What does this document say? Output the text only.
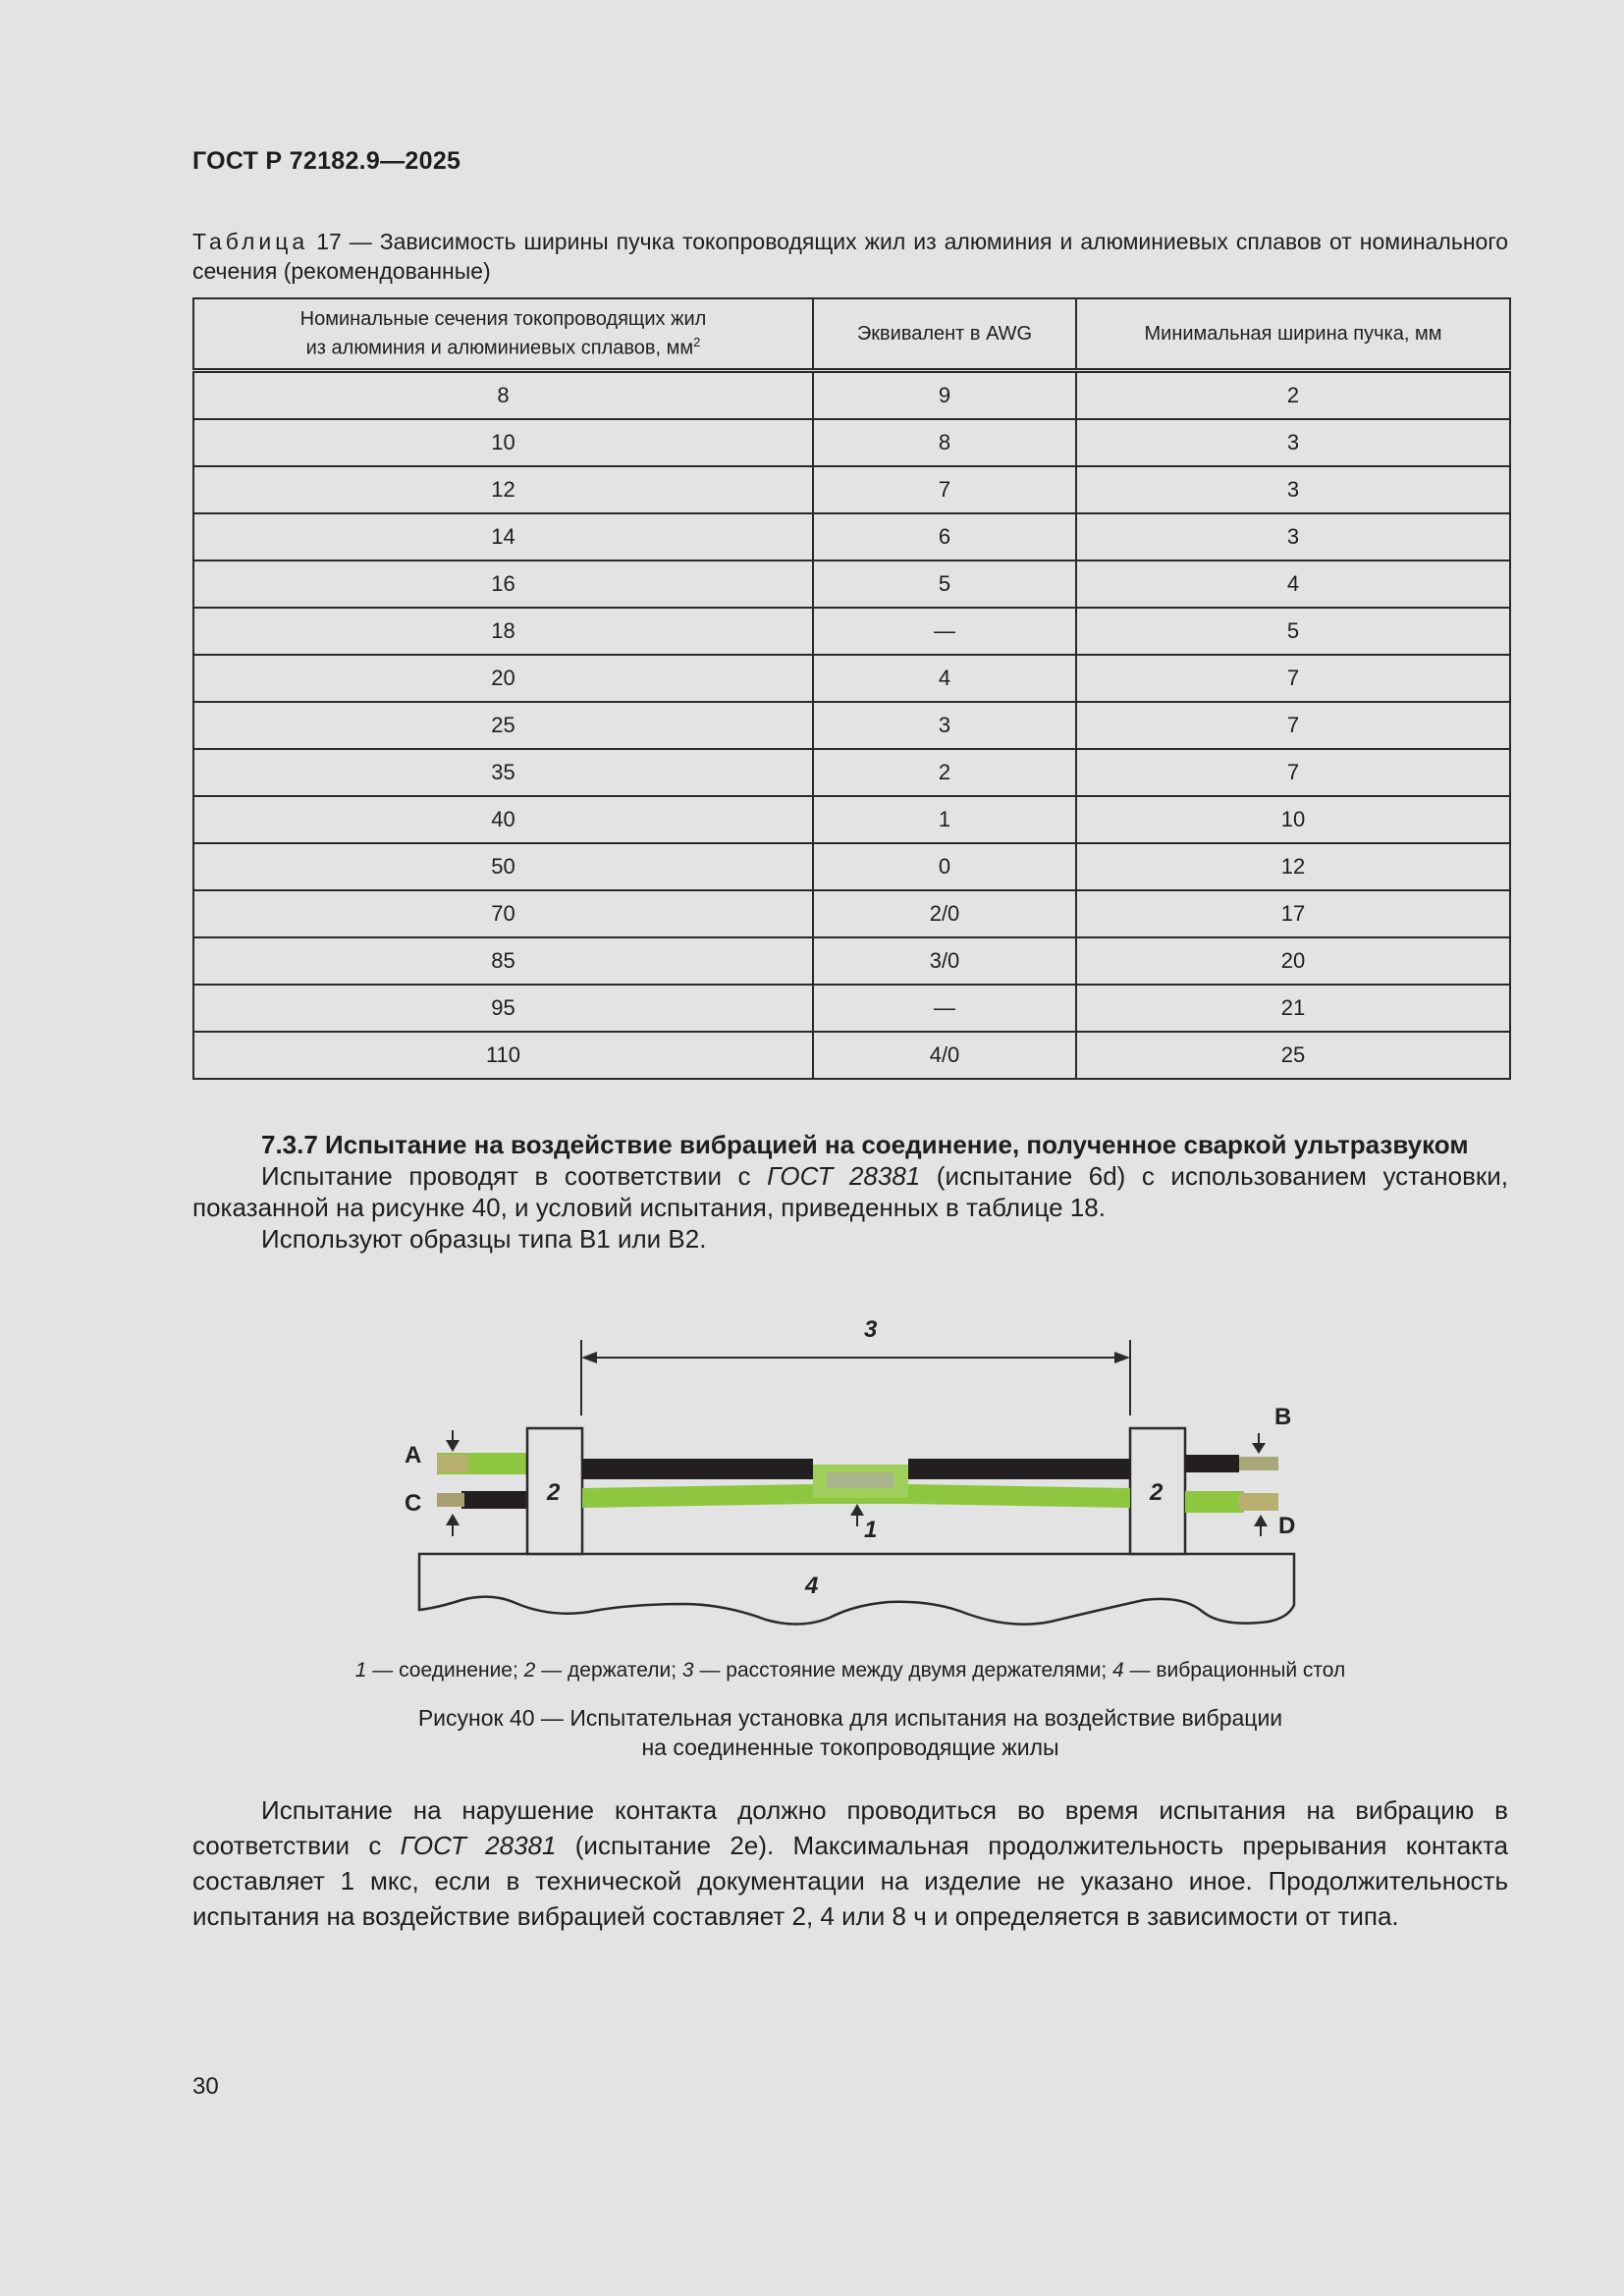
ГОСТ Р 72182.9—2025
Таблица 17 — Зависимость ширины пучка токопроводящих жил из алюминия и алюминиевых сплавов от номинального сечения (рекомендованные)
Номинальные сечения токопроводящих жил
из алюминия и алюминиевых сплавов, $мм^2$	Эквивалент в AWG	Минимальная ширина пучка, мм
8	9	2
10	8	3
12	7	3
14	6	3
16	5	4
18	—	5
20	4	7
25	3	7
35	2	7
40	1	10
50	0	12
70	2/0	17
85	3/0	20
95	—	21
110	4/0	25

7.3.7 Испытание на воздействие вибрацией на соединение, полученное сваркой ультразвуком

Испытание проводят в соответствии с ГОСТ 28381 (испытание 6d) с использованием установки, показанной на рисунке 40, и условий испытания, приведенных в таблице 18.

Используют образцы типа В1 или В2.

A
C
B
D
2	2
1
3
4
1 — соединение; 2 — держатели; 3 — расстояние между двумя держателями; 4 — вибрационный стол
Рисунок 40 — Испытательная установка для испытания на воздействие вибрации
на соединенные токопроводящие жилы

Испытание на нарушение контакта должно проводиться во время испытания на вибрацию в соответствии с ГОСТ 28381 (испытание 2е). Максимальная продолжительность прерывания контакта составляет 1 мкс, если в технической документации на изделие не указано иное. Продолжительность испытания на воздействие вибрацией составляет 2, 4 или 8 ч и определяется в зависимости от типа.

30
